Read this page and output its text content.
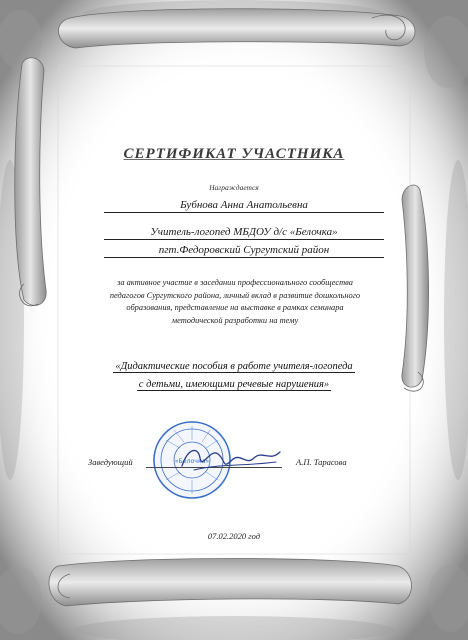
СЕРТИФИКАТ УЧАСТНИКА
Награждается
Бубнова Анна Анатольевна
Учитель-логопед МБДОУ д/с «Белочка»
пгт.Федоровский Сургутский район
за активное участие в заседании профессионального сообщества
педагогов Сургутского района, личный вклад в развитие дошкольного
образования, представление на выставке в рамках семинара
методической разработки на тему
«Дидактические пособия в работе учителя-логопеда
с детьми, имеющими речевые нарушения»
«Белочка»
Заведующий	А.П. Тарасова
07.02.2020 год
